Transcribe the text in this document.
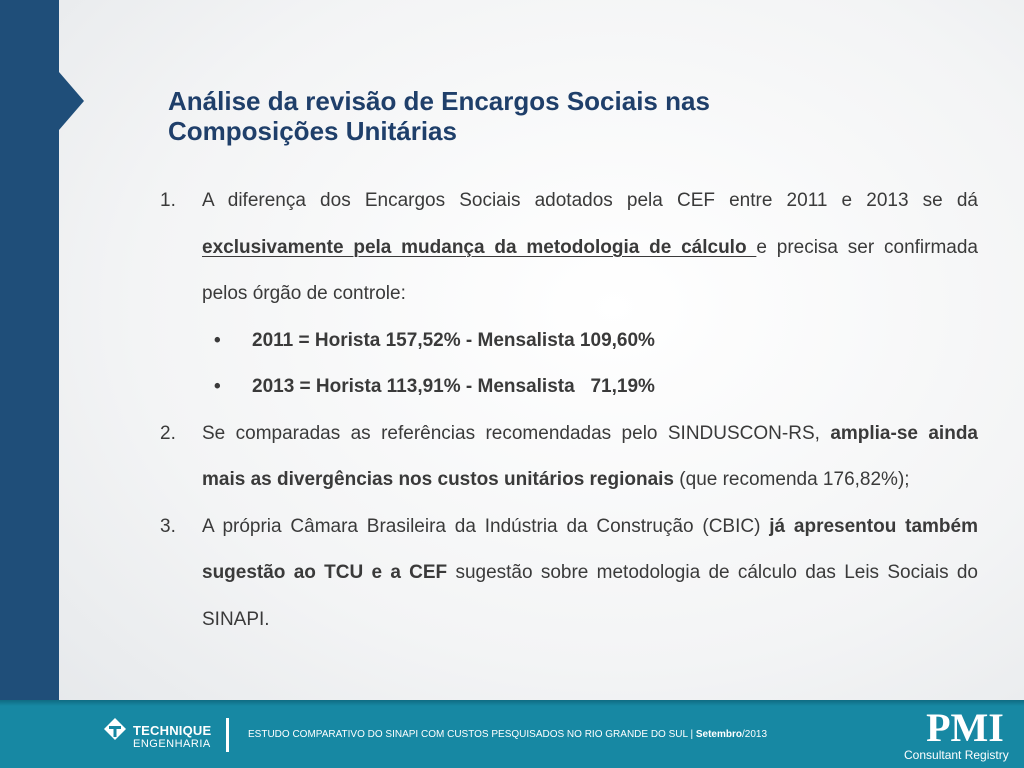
Análise da revisão de Encargos Sociais nas
Composições Unitárias
1. A diferença dos Encargos Sociais adotados pela CEF entre 2011 e 2013 se dá exclusivamente pela mudança da metodologia de cálculo e precisa ser confirmada pelos órgão de controle:
• 2011 = Horista 157,52% - Mensalista 109,60%
• 2013 = Horista 113,91% - Mensalista   71,19%
2. Se comparadas as referências recomendadas pelo SINDUSCON-RS, amplia-se ainda mais as divergências nos custos unitários regionais (que recomenda 176,82%);
3. A própria Câmara Brasileira da Indústria da Construção (CBIC) já apresentou também sugestão ao TCU e a CEF sugestão sobre metodologia de cálculo das Leis Sociais do SINAPI.
TECHNIQUE
ENGENHARIA
ESTUDO COMPARATIVO DO SINAPI COM CUSTOS PESQUISADOS NO RIO GRANDE DO SUL | Setembro/2013	PMI
Consultant Registry
